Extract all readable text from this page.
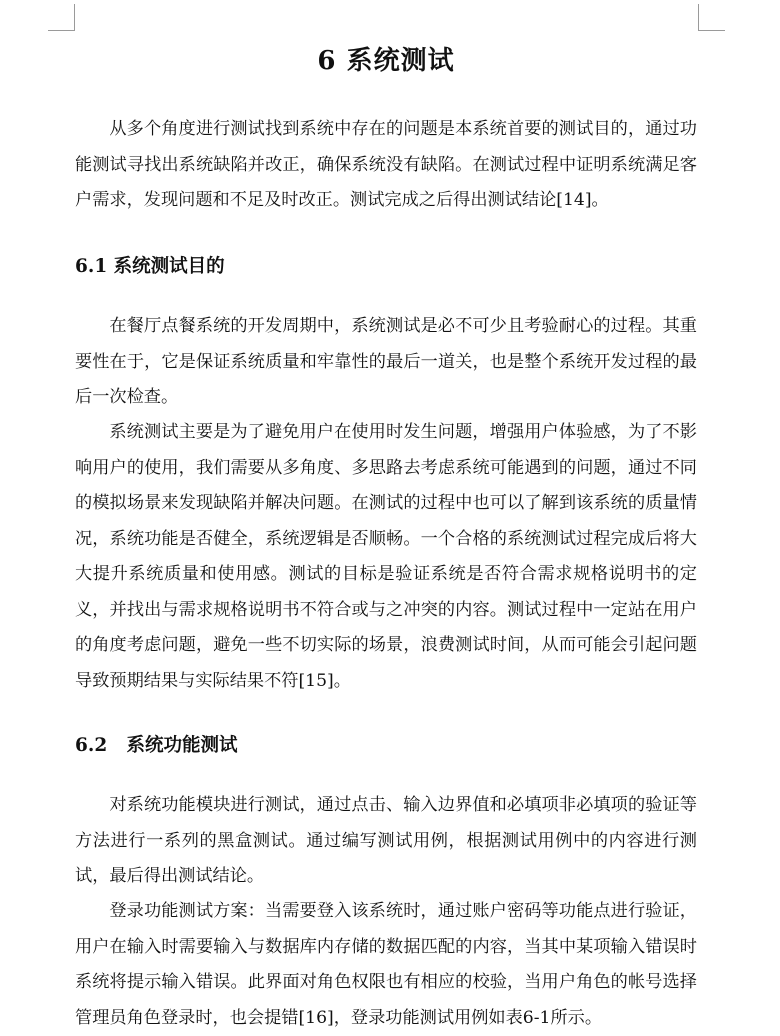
6 系统测试

从多个角度进行测试找到系统中存在的问题是本系统首要的测试目的，通过功能测试寻找出系统缺陷并改正，确保系统没有缺陷。在测试过程中证明系统满足客户需求，发现问题和不足及时改正。测试完成之后得出测试结论[14]。

6.1 系统测试目的

在餐厅点餐系统的开发周期中，系统测试是必不可少且考验耐心的过程。其重要性在于，它是保证系统质量和牢靠性的最后一道关，也是整个系统开发过程的最后一次检查。

系统测试主要是为了避免用户在使用时发生问题，增强用户体验感，为了不影响用户的使用，我们需要从多角度、多思路去考虑系统可能遇到的问题，通过不同的模拟场景来发现缺陷并解决问题。在测试的过程中也可以了解到该系统的质量情况，系统功能是否健全，系统逻辑是否顺畅。一个合格的系统测试过程完成后将大大提升系统质量和使用感。测试的目标是验证系统是否符合需求规格说明书的定义，并找出与需求规格说明书不符合或与之冲突的内容。测试过程中一定站在用户的角度考虑问题，避免一些不切实际的场景，浪费测试时间，从而可能会引起问题导致预期结果与实际结果不符[15]。

6.2   系统功能测试

对系统功能模块进行测试，通过点击、输入边界值和必填项非必填项的验证等方法进行一系列的黑盒测试。通过编写测试用例，根据测试用例中的内容进行测试，最后得出测试结论。

登录功能测试方案：当需要登入该系统时，通过账户密码等功能点进行验证，用户在输入时需要输入与数据库内存储的数据匹配的内容，当其中某项输入错误时系统将提示输入错误。此界面对角色权限也有相应的校验，当用户角色的帐号选择管理员角色登录时，也会提错[16]，登录功能测试用例如表6-1所示。
